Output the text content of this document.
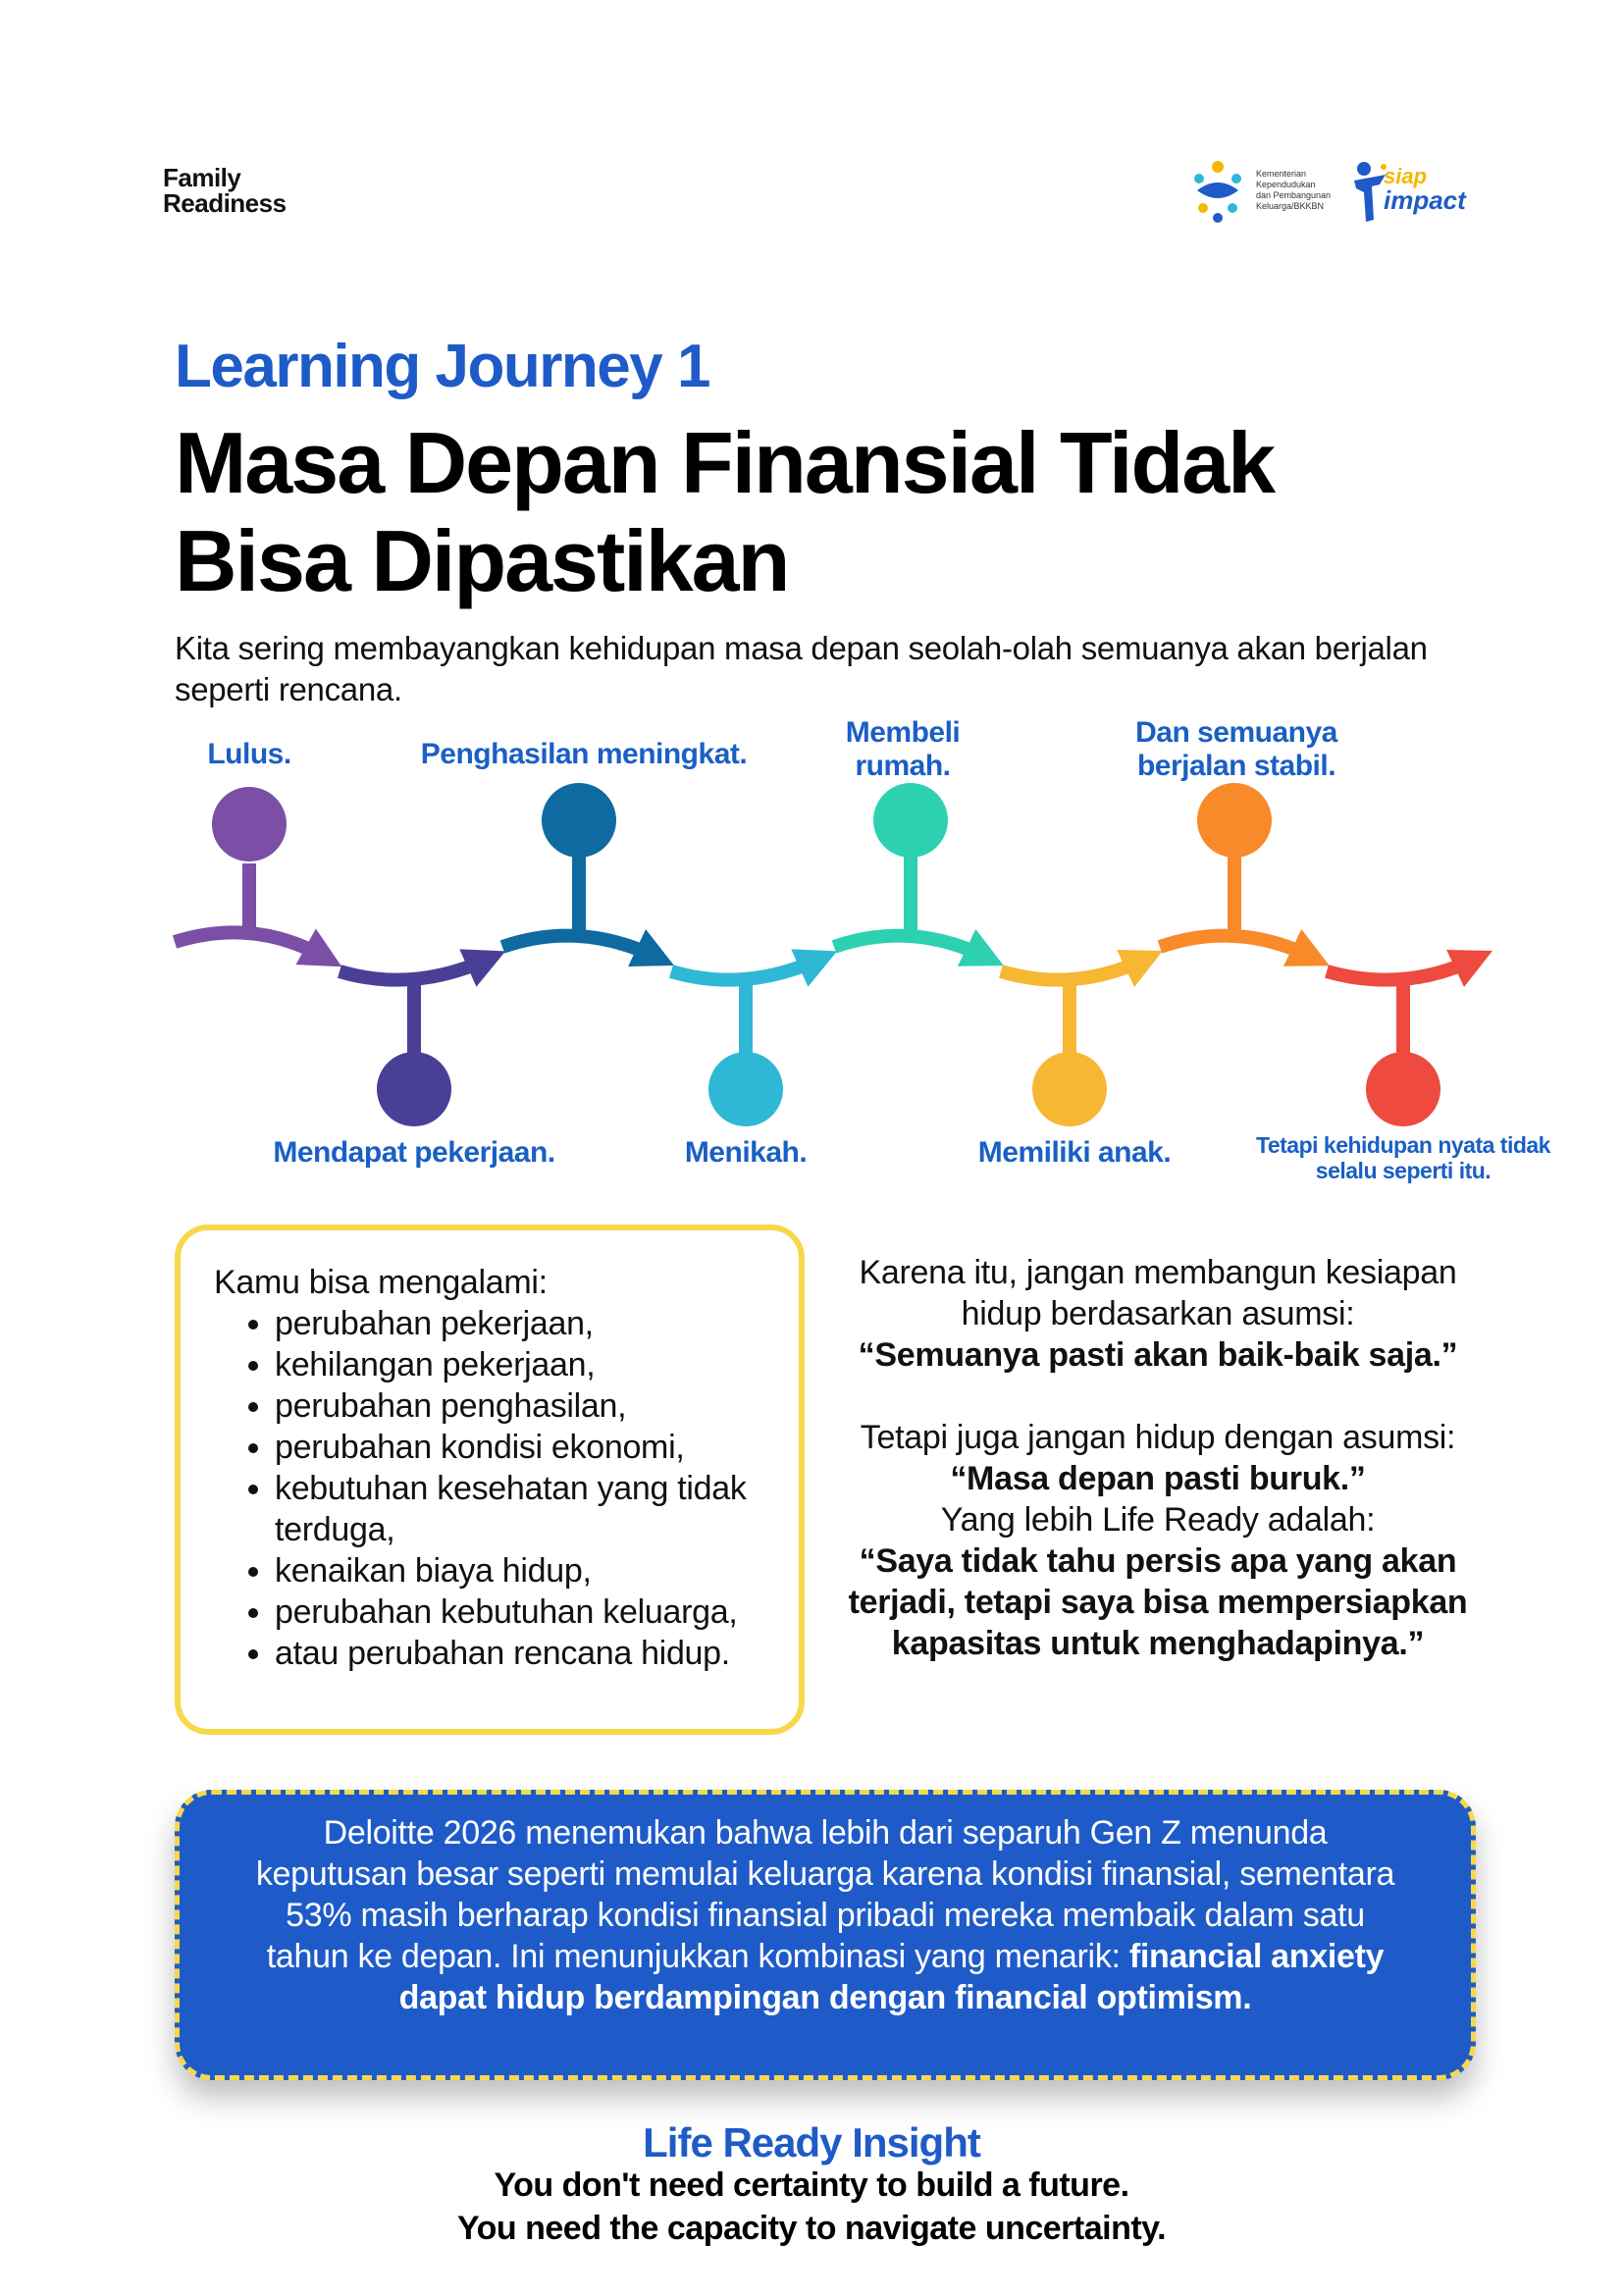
Family
Readiness
Kementerian
Kependudukan
dan Pembangunan
Keluarga/BKKBN
siap
impact
Learning Journey 1
Masa Depan Finansial Tidak
Bisa Dipastikan
Kita sering membayangkan kehidupan masa depan seolah-olah semuanya akan berjalan seperti rencana.
Lulus.
Mendapat pekerjaan.
Penghasilan meningkat.
Menikah.
Membeli
rumah.
Memiliki anak.
Dan semuanya
berjalan stabil.
Tetapi kehidupan nyata tidak
selalu seperti itu.
Kamu bisa mengalami:
• perubahan pekerjaan,
• kehilangan pekerjaan,
• perubahan penghasilan,
• perubahan kondisi ekonomi,
• kebutuhan kesehatan yang tidak terduga,
• kenaikan biaya hidup,
• perubahan kebutuhan keluarga,
• atau perubahan rencana hidup.
Karena itu, jangan membangun kesiapan hidup berdasarkan asumsi:
“Semuanya pasti akan baik-baik saja.”
Tetapi juga jangan hidup dengan asumsi:
“Masa depan pasti buruk.”
Yang lebih Life Ready adalah:
“Saya tidak tahu persis apa yang akan terjadi, tetapi saya bisa mempersiapkan kapasitas untuk menghadapinya.”
Deloitte 2026 menemukan bahwa lebih dari separuh Gen Z menunda keputusan besar seperti memulai keluarga karena kondisi finansial, sementara 53% masih berharap kondisi finansial pribadi mereka membaik dalam satu tahun ke depan. Ini menunjukkan kombinasi yang menarik: financial anxiety dapat hidup berdampingan dengan financial optimism.
Life Ready Insight
You don't need certainty to build a future.
You need the capacity to navigate uncertainty.
